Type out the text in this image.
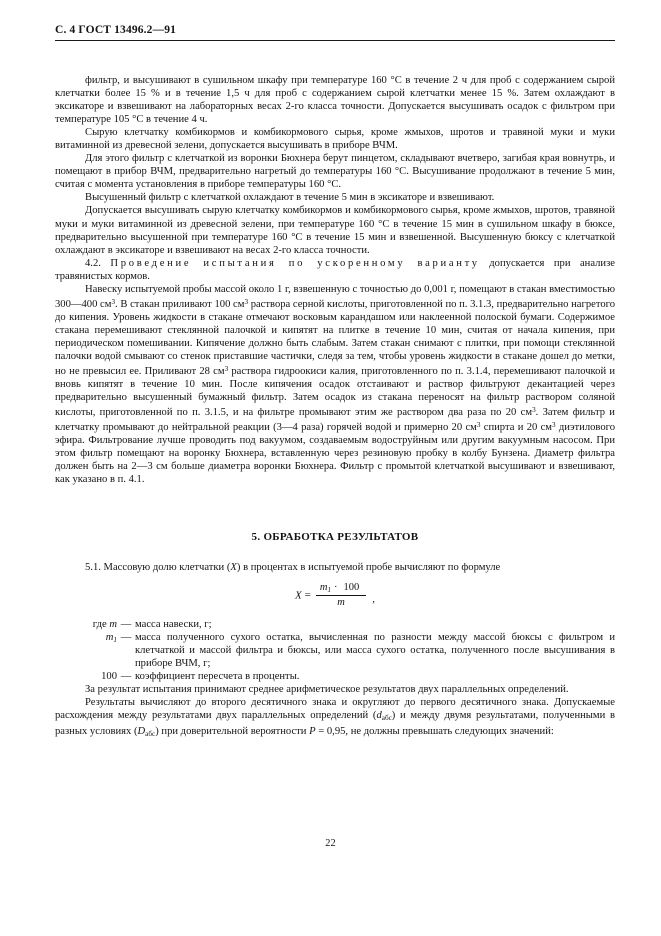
С. 4 ГОСТ 13496.2—91

фильтр, и высушивают в сушильном шкафу при температуре 160 °С в течение 2 ч для проб с содержанием сырой клетчатки более 15 % и в течение 1,5 ч для проб с содержанием сырой клетчатки менее 15 %. Затем охлаждают в эксикаторе и взвешивают на лабораторных весах 2-го класса точности. Допускается высушивать осадок с фильтром при температуре 105 °С в течение 4 ч.

Сырую клетчатку комбикормов и комбикормового сырья, кроме жмыхов, шротов и травяной муки и муки витаминной из древесной зелени, допускается высушивать в приборе ВЧМ.

Для этого фильтр с клетчаткой из воронки Бюхнера берут пинцетом, складывают вчетверо, загибая края вовнутрь, и помещают в прибор ВЧМ, предварительно нагретый до температуры 160 °С. Высушивание продолжают в течение 5 мин, считая с момента установления в приборе температуры 160 °С.

Высушенный фильтр с клетчаткой охлаждают в течение 5 мин в эксикаторе и взвешивают.

Допускается высушивать сырую клетчатку комбикормов и комбикормового сырья, кроме жмыхов, шротов, травяной муки и муки витаминной из древесной зелени, при температуре 160 °С в течение 15 мин в сушильном шкафу в бюксе, предварительно высушенной при температуре 160 °С в течение 15 мин и взвешенной. Высушенную бюксу с клетчаткой охлаждают в эксикаторе и взвешивают на весах 2-го класса точности.

4.2. Проведение испытания по ускоренному варианту допускается при анализе травянистых кормов.

Навеску испытуемой пробы массой около 1 г, взвешенную с точностью до 0,001 г, помещают в стакан вместимостью 300—400 $см^3$. В стакан приливают 100 $см^3$ раствора серной кислоты, приготовленной по п. 3.1.3, предварительно нагретого до кипения. Уровень жидкости в стакане отмечают восковым карандашом или наклеенной полоской бумаги. Содержимое стакана перемешивают стеклянной палочкой и кипятят на плитке в течение 10 мин, считая от начала кипения, при периодическом помешивании. Кипячение должно быть слабым. Затем стакан снимают с плитки, при помощи стеклянной палочки водой смывают со стенок приставшие частички, следя за тем, чтобы уровень жидкости в стакане дошел до метки, но не превысил ее. Приливают 28 $см^3$ раствора гидроокиси калия, приготовленного по п. 3.1.4, перемешивают палочкой и вновь кипятят в течение 10 мин. После кипячения осадок отстаивают и раствор фильтруют декантацией через предварительно высушенный бумажный фильтр. Затем осадок из стакана переносят на фильтр раствором соляной кислоты, приготовленной по п. 3.1.5, и на фильтре промывают этим же раствором два раза по 20 $см^3$. Затем фильтр и клетчатку промывают до нейтральной реакции (3—4 раза) горячей водой и примерно 20 $см^3$ спирта и 20 $см^3$ диэтилового эфира. Фильтрование лучше проводить под вакуумом, создаваемым водоструйным или другим вакуумным насосом. При этом фильтр помещают на воронку Бюхнера, вставленную через резиновую пробку в колбу Бунзена. Диаметр фильтра должен быть на 2—3 см больше диаметра воронки Бюхнера. Фильтр с промытой клетчаткой высушивают и взвешивают, как указано в п. 4.1.

5. ОБРАБОТКА РЕЗУЛЬТАТОВ

5.1. Массовую долю клетчатки (X) в процентах в испытуемой пробе вычисляют по формуле

$X = \frac{m_1 \cdot 100}{m}$ ,
где m — масса навески, г;
$m_1$ — масса полученного сухого остатка, вычисленная по разности между массой бюксы с фильтром и клетчаткой и массой фильтра и бюксы, или масса сухого остатка, полученного после высушивания в приборе ВЧМ, г;
100 — коэффициент пересчета в проценты.

За результат испытания принимают среднее арифметическое результатов двух параллельных определений.

Результаты вычисляют до второго десятичного знака и округляют до первого десятичного знака. Допускаемые расхождения между результатами двух параллельных определений $(d_{абс})$ и между двумя результатами, полученными в разных условиях $(D_{абс})$ при доверительной вероятности P = 0,95, не должны превышать следующих значений:

22
